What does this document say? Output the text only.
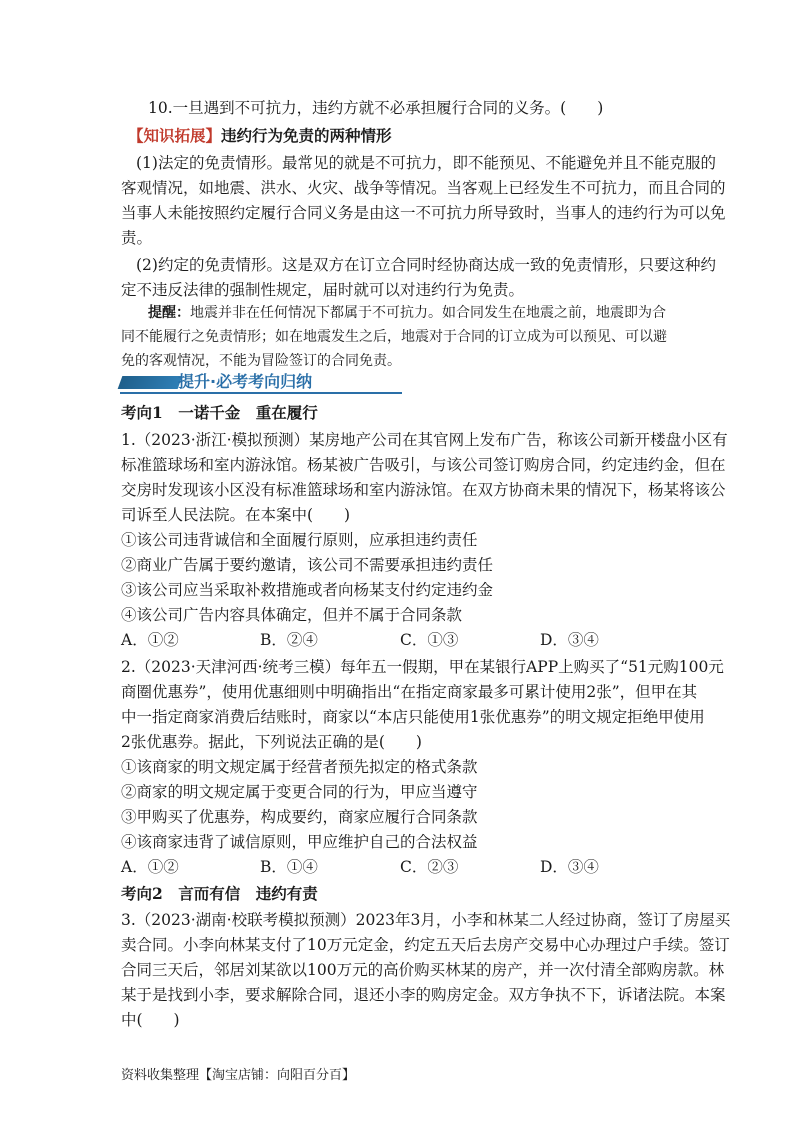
10.一旦遇到不可抗力，违约方就不必承担履行合同的义务。(　　)
【知识拓展】违约行为免责的两种情形
(1)法定的免责情形。最常见的就是不可抗力，即不能预见、不能避免并且不能克服的
客观情况，如地震、洪水、火灾、战争等情况。当客观上已经发生不可抗力，而且合同的
当事人未能按照约定履行合同义务是由这一不可抗力所导致时，当事人的违约行为可以免
责。
(2)约定的免责情形。这是双方在订立合同时经协商达成一致的免责情形，只要这种约
定不违反法律的强制性规定，届时就可以对违约行为免责。
提醒：地震并非在任何情况下都属于不可抗力。如合同发生在地震之前，地震即为合
同不能履行之免责情形；如在地震发生之后，地震对于合同的订立成为可以预见、可以避
免的客观情况，不能为冒险签订的合同免责。
提升·必考考向归纳
考向1　一诺千金　重在履行
1.（2023·浙江·模拟预测）某房地产公司在其官网上发布广告，称该公司新开楼盘小区有
标准篮球场和室内游泳馆。杨某被广告吸引，与该公司签订购房合同，约定违约金，但在
交房时发现该小区没有标准篮球场和室内游泳馆。在双方协商未果的情况下，杨某将该公
司诉至人民法院。在本案中(　　)
①该公司违背诚信和全面履行原则，应承担违约责任
②商业广告属于要约邀请，该公司不需要承担违约责任
③该公司应当采取补救措施或者向杨某支付约定违约金
④该公司广告内容具体确定，但并不属于合同条款
A．①②	B．②④	C．①③	D．③④
2.（2023·天津河西·统考三模）每年五一假期，甲在某银行APP上购买了“51元购100元
商圈优惠券”，使用优惠细则中明确指出“在指定商家最多可累计使用2张”，但甲在其
中一指定商家消费后结账时，商家以“本店只能使用1张优惠券”的明文规定拒绝甲使用
2张优惠券。据此，下列说法正确的是(　　)
①该商家的明文规定属于经营者预先拟定的格式条款
②商家的明文规定属于变更合同的行为，甲应当遵守
③甲购买了优惠券，构成要约，商家应履行合同条款
④该商家违背了诚信原则，甲应维护自己的合法权益
A．①②	B．①④	C．②③	D．③④
考向2　言而有信　违约有责
3.（2023·湖南·校联考模拟预测）2023年3月，小李和林某二人经过协商，签订了房屋买
卖合同。小李向林某支付了10万元定金，约定五天后去房产交易中心办理过户手续。签订
合同三天后，邻居刘某欲以100万元的高价购买林某的房产，并一次付清全部购房款。林
某于是找到小李，要求解除合同，退还小李的购房定金。双方争执不下，诉诸法院。本案
中(　　)
资料收集整理【淘宝店铺：向阳百分百】
